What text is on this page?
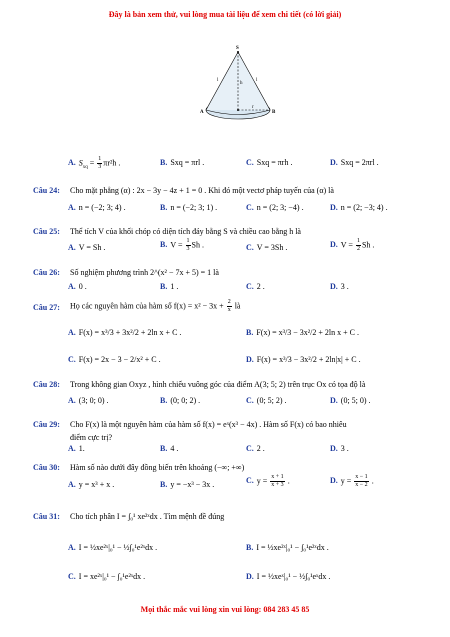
Đây là bản xem thử, vui lòng mua tài liệu để xem chi tiết (có lời giải)
S
h
l	l
r
A	B
A. $S_{xq} = \frac{1}{3} \pi r^2h$ .	B. Sxq = πrl .	C. Sxq = πrh .	D. Sxq = 2πrl .
Câu 24: Cho mặt phẳng (α) : 2x − 3y − 4z + 1 = 0 . Khi đó một vectơ pháp tuyến của (α) là
A. n = (−2; 3; 4) .	B. n = (−2; 3; 1) .	C. n = (2; 3; −4) .	D. n = (2; −3; 4) .
Câu 25: Thể tích V của khối chóp có diện tích đáy bằng S và chiều cao bằng h là
A. V = Sh .	B. $V = \frac{1}{3}$ Sh .	C. V = 3Sh .	D. $V = \frac{1}{2}$ Sh .
Câu 26: Số nghiệm phương trình 2^(x² − 7x + 5) = 1 là
A. 0 .	B. 1 .	C. 2 .	D. 3 .
Câu 27: Họ các nguyên hàm của hàm số $f(x) = x^2 - 3x + \frac{2}{x}$ là
A. F(x) = x³/3 + 3x²/2 + 2ln x + C .	B. F(x) = x³/3 − 3x²/2 + 2ln x + C .
C. F(x) = 2x − 3 − 2/x² + C .	D. F(x) = x³/3 − 3x²/2 + 2ln|x| + C .
Câu 28: Trong không gian Oxyz , hình chiếu vuông góc của điểm A(3; 5; 2) trên trục Ox có tọa độ là
A. (3; 0; 0) .	B. (0; 0; 2) .	C. (0; 5; 2) .	D. (0; 5; 0) .
Câu 29: Cho F(x) là một nguyên hàm của hàm số f(x) = eˣ(x³ − 4x) . Hàm số F(x) có bao nhiêu
điểm cực trị?
A. 1.	B. 4 .	C. 2 .	D. 3 .
Câu 30: Hàm số nào dưới đây đồng biến trên khoảng (−∞; +∞)
A. y = x³ + x .	B. y = −x³ − 3x .	C. $y = \frac{x + 1}{x + 3}$ .	D. $y = \frac{x - 1}{x - 2}$ .
Câu 31: Cho tích phân I = ∫₀¹ xe²ˣdx . Tìm mệnh đề đúng
A. I = ½xe²ˣ|₀¹ − ½∫₀¹e²ˣdx .	B. I = ½xe²ˣ|₀¹ − ∫₀¹e²ˣdx .
C. I = xe²ˣ|₀¹ − ∫₀¹e²ˣdx .	D. I = ½xeˣ|₀¹ − ½∫₀¹eˣdx .
Mọi thắc mắc vui lòng xin vui lòng: 084 283 45 85
